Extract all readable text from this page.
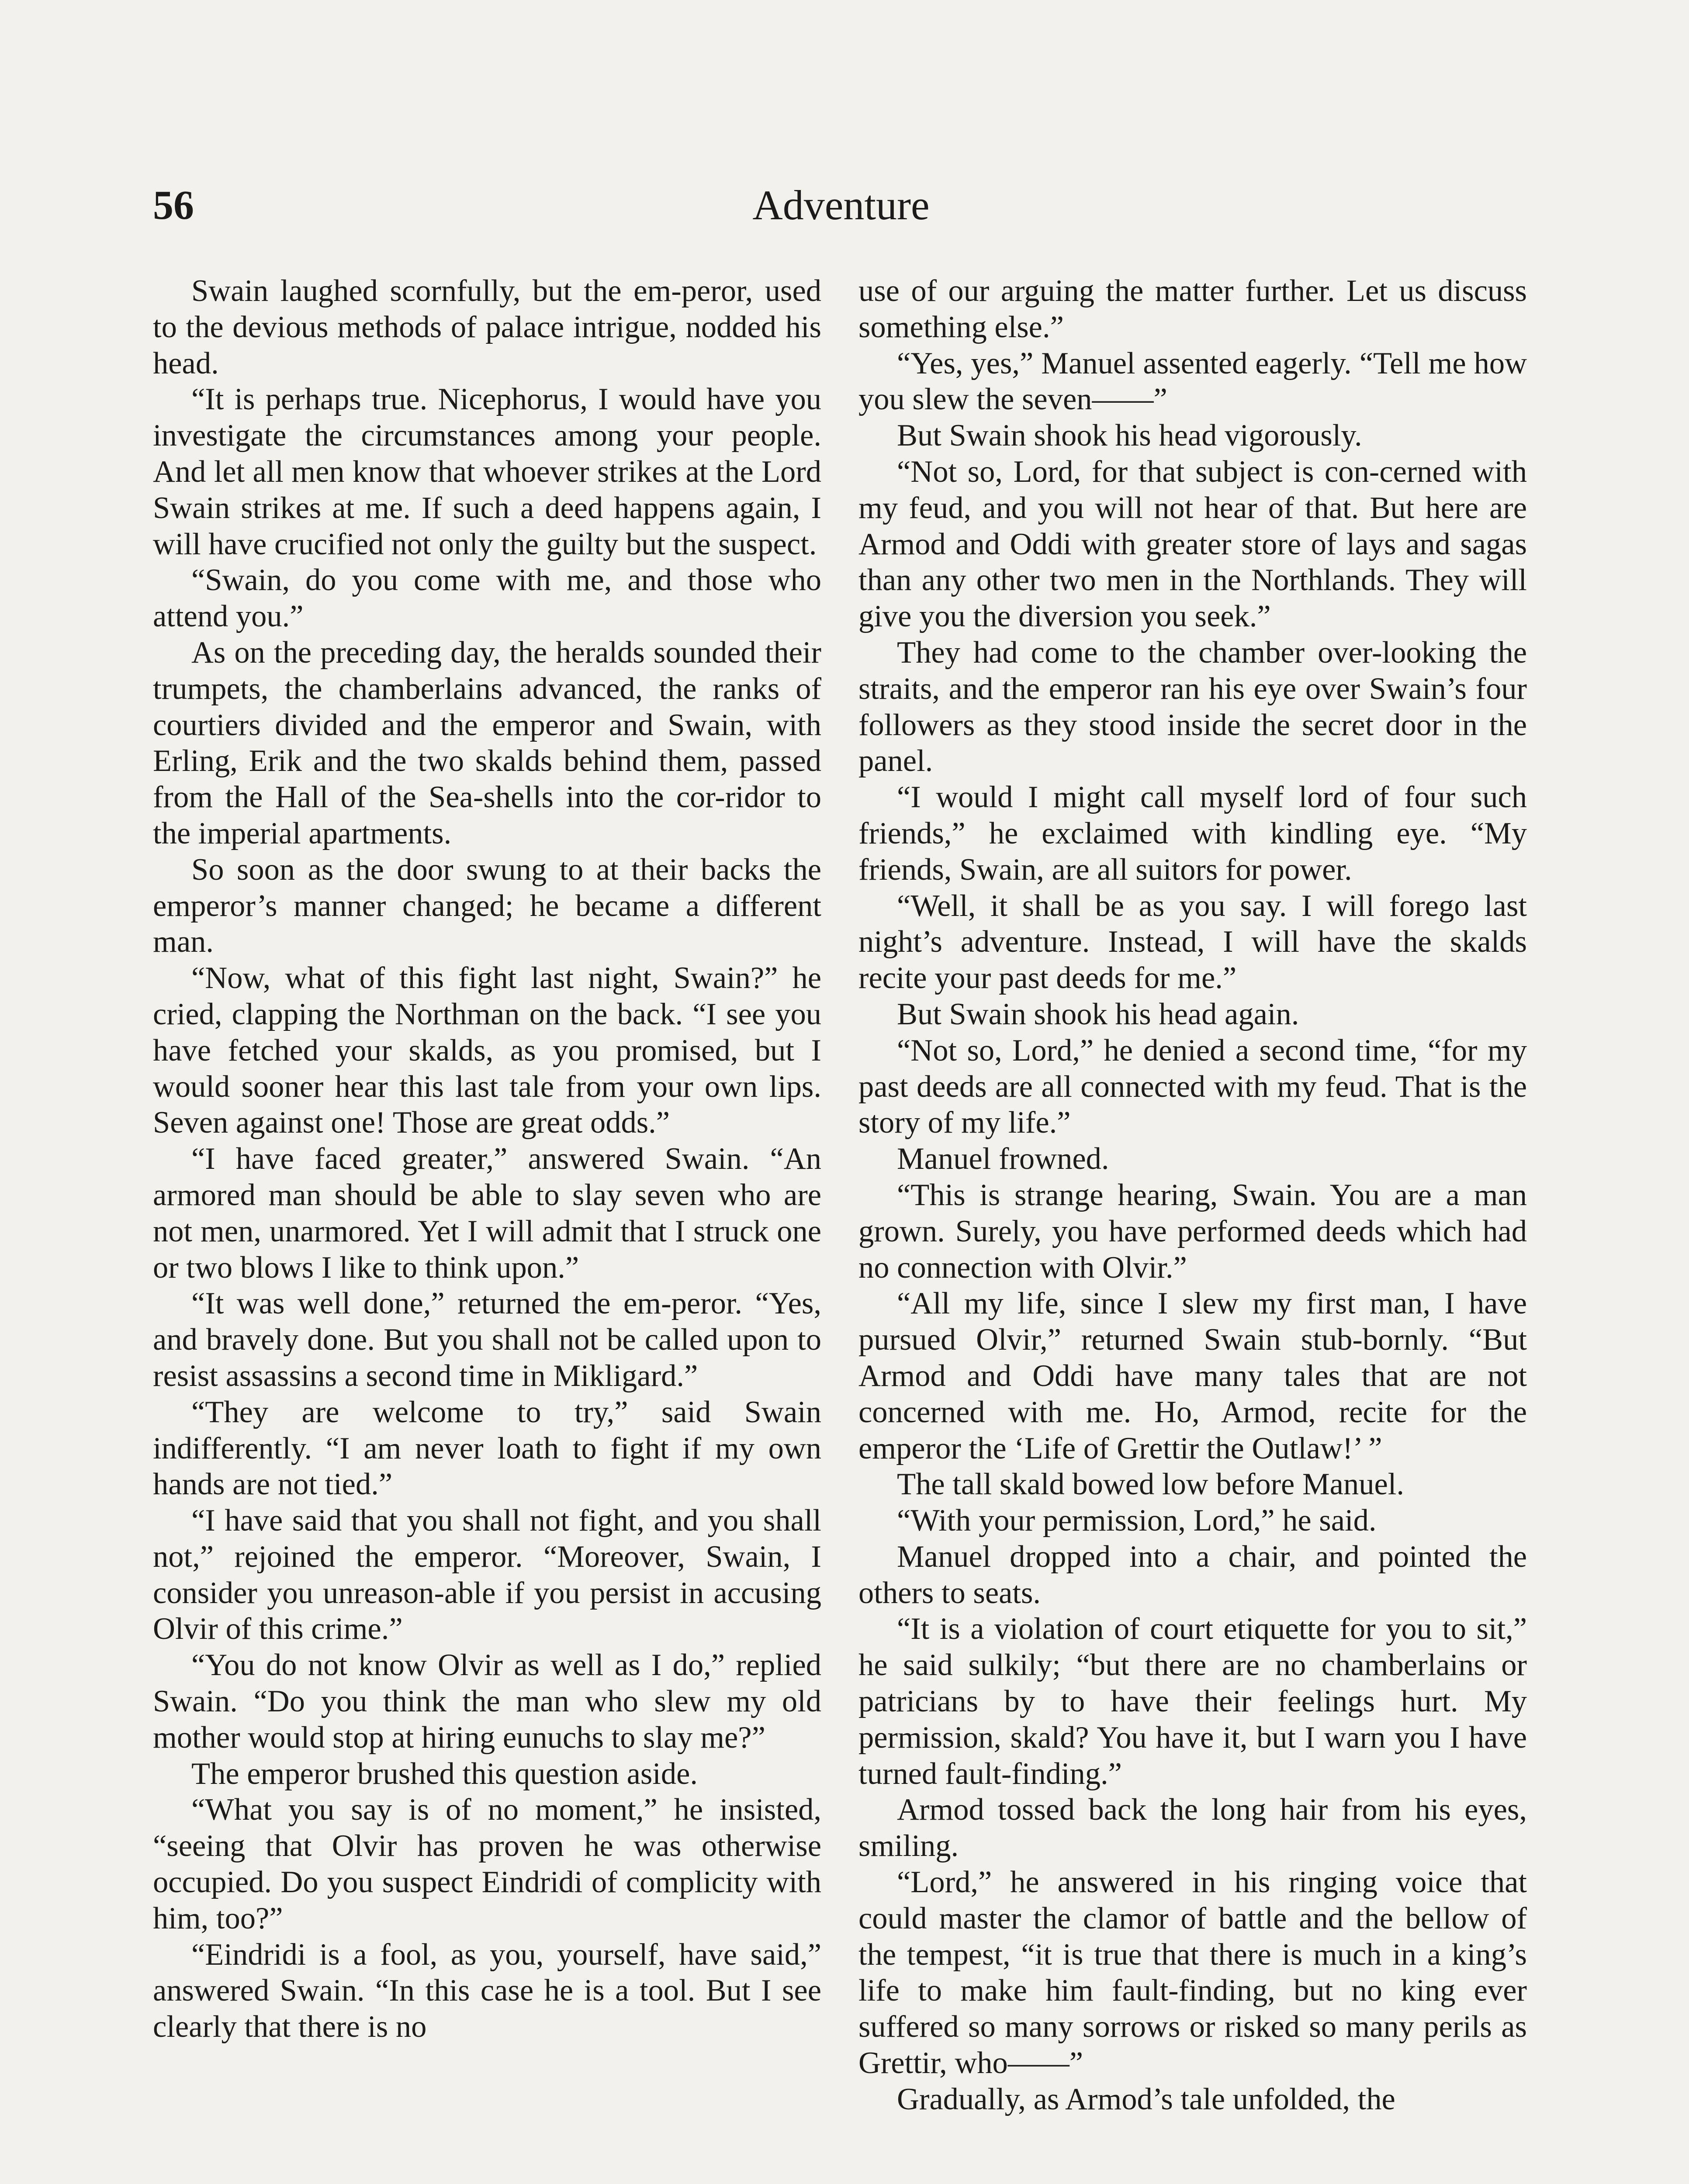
56	Adventure

Swain laughed scornfully, but the em-peror, used to the devious methods of palace intrigue, nodded his head.

“It is perhaps true. Nicephorus, I would have you investigate the circumstances among your people. And let all men know that whoever strikes at the Lord Swain strikes at me. If such a deed happens again, I will have crucified not only the guilty but the suspect.

“Swain, do you come with me, and those who attend you.”

As on the preceding day, the heralds sounded their trumpets, the chamberlains advanced, the ranks of courtiers divided and the emperor and Swain, with Erling, Erik and the two skalds behind them, passed from the Hall of the Sea-shells into the cor-ridor to the imperial apartments.

So soon as the door swung to at their backs the emperor’s manner changed; he became a different man.

“Now, what of this fight last night, Swain?” he cried, clapping the Northman on the back. “I see you have fetched your skalds, as you promised, but I would sooner hear this last tale from your own lips. Seven against one! Those are great odds.”

“I have faced greater,” answered Swain. “An armored man should be able to slay seven who are not men, unarmored. Yet I will admit that I struck one or two blows I like to think upon.”

“It was well done,” returned the em-peror. “Yes, and bravely done. But you shall not be called upon to resist assassins a second time in Mikligard.”

“They are welcome to try,” said Swain indifferently. “I am never loath to fight if my own hands are not tied.”

“I have said that you shall not fight, and you shall not,” rejoined the emperor. “Moreover, Swain, I consider you unreason-able if you persist in accusing Olvir of this crime.”

“You do not know Olvir as well as I do,” replied Swain. “Do you think the man who slew my old mother would stop at hiring eunuchs to slay me?”

The emperor brushed this question aside.

“What you say is of no moment,” he insisted, “seeing that Olvir has proven he was otherwise occupied. Do you suspect Eindridi of complicity with him, too?”

“Eindridi is a fool, as you, yourself, have said,” answered Swain. “In this case he is a tool. But I see clearly that there is no

use of our arguing the matter further. Let us discuss something else.”

“Yes, yes,” Manuel assented eagerly. “Tell me how you slew the seven——”

But Swain shook his head vigorously.

“Not so, Lord, for that subject is con-cerned with my feud, and you will not hear of that. But here are Armod and Oddi with greater store of lays and sagas than any other two men in the Northlands. They will give you the diversion you seek.”

They had come to the chamber over-looking the straits, and the emperor ran his eye over Swain’s four followers as they stood inside the secret door in the panel.

“I would I might call myself lord of four such friends,” he exclaimed with kindling eye. “My friends, Swain, are all suitors for power.

“Well, it shall be as you say. I will forego last night’s adventure. Instead, I will have the skalds recite your past deeds for me.”

But Swain shook his head again.

“Not so, Lord,” he denied a second time, “for my past deeds are all connected with my feud. That is the story of my life.”

Manuel frowned.

“This is strange hearing, Swain. You are a man grown. Surely, you have performed deeds which had no connection with Olvir.”

“All my life, since I slew my first man, I have pursued Olvir,” returned Swain stub-bornly. “But Armod and Oddi have many tales that are not concerned with me. Ho, Armod, recite for the emperor the ‘Life of Grettir the Outlaw!’ ”

The tall skald bowed low before Manuel.

“With your permission, Lord,” he said.

Manuel dropped into a chair, and pointed the others to seats.

“It is a violation of court etiquette for you to sit,” he said sulkily; “but there are no chamberlains or patricians by to have their feelings hurt. My permission, skald? You have it, but I warn you I have turned fault-finding.”

Armod tossed back the long hair from his eyes, smiling.

“Lord,” he answered in his ringing voice that could master the clamor of battle and the bellow of the tempest, “it is true that there is much in a king’s life to make him fault-finding, but no king ever suffered so many sorrows or risked so many perils as Grettir, who——”

Gradually, as Armod’s tale unfolded, the
